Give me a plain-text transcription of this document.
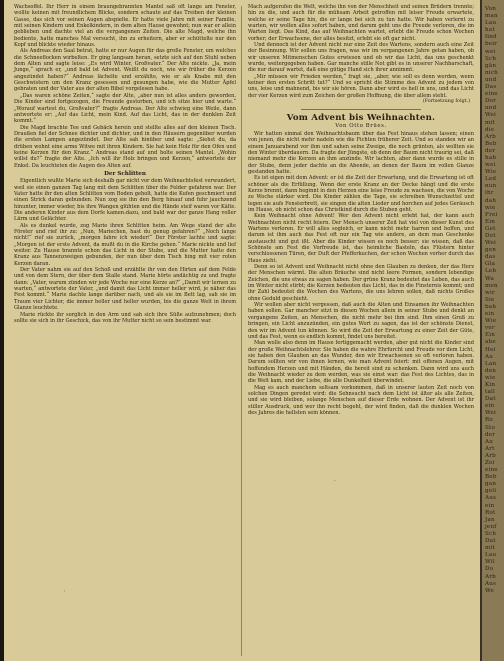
Wachsoffel. Ihr Herr in einem braungebrannten Mantel saß oft lange am Fenster, wollte keinen mit freundlichem Blicke, sondern schaute auf das Treiben der kleinen Gasse, das sich vor seinen Augen abspielte. Er hatte viele Jahre mit seiner Familie, mit seinen Kindern und Enkelkindern, in dem alten Hause gewohnt; nun war er allein geblieben und dachte viel an die vergangenen Zeiten. Die alte Magd, welche ihn bediente, hatte manches Mal versucht, ihn zu erheitern, aber er schüttelte nur den Kopf und blickte wieder hinaus.

Als Andreas den Saal betrat, hatte er nur Augen für das große Fenster, um welches die Schneeflocken wirbelten. Er ging langsam heran, setzte sich auf den Stuhl neben dem Alten und sagte leise: „Es wird Winter, Großvater.“ Der Alte nickte. „Ja, mein Junge,“ sprach er, „und bald ist Advent. Weißt du noch, wie wir früher die Kerzen angezündet haben?“ Andreas lächelte und erzählte, wie er als Knabe mit den Geschwistern um den Kranz gesessen und gesungen habe, wie die Mutter Äpfel gebraten und der Vater aus der alten Bibel vorgelesen habe.

„Das waren schöne Zeiten,“ sagte der Alte, „aber nun ist alles anders geworden. Die Kinder sind fortgezogen, die Freunde gestorben, und ich sitze hier und warte.“ „Worauf wartest du, Großvater?“ fragte Andreas. Der Alte schwieg eine Weile, dann antwortete er: „Auf das Licht, mein Kind. Auf das Licht, das in der dunklen Zeit kommt.“

Die Magd brachte Tee und Gebäck herein und stellte alles auf den kleinen Tisch. Draußen fiel der Schnee dichter und dichter, und in den Häusern gegenüber wurden die ersten Lampen angezündet. Der Alte sah hinüber und sagte: „Siehst du, da drüben wohnt eine arme Witwe mit ihren Kindern. Sie hat kein Holz für den Ofen und keine Kerzen für den Kranz.“ Andreas stand auf und holte seinen Mantel. „Wohin willst du?“ fragte der Alte. „Ich will ihr Holz bringen und Kerzen,“ antwortete der Enkel. Da leuchteten die Augen des Alten auf.

Der Schlitten

Eigentlich wußte Marie sich deshalb gar nicht vor dem Weihnachtsfest verwundert, weil sie einen ganzen Tag lang mit dem Schlitten über die Felder gefahren war. Der Vater hatte ihr den alten Schlitten vom Boden geholt, hatte die Kufen geschmiert und einen Strick daran gebunden. Nun zog sie ihn den Berg hinauf und fuhr jauchzend hinunter, immer wieder, bis ihre Wangen glühten und die Hände steif waren vor Kälte. Die anderen Kinder aus dem Dorfe kamen dazu, und bald war der ganze Hang voller Lärm und Gelächter.

Als es dunkel wurde, zog Marie ihren Schlitten heim. Am Wege stand der alte Förster und rief ihr zu: „Nun, Mariechen, hast du genug gefahren?“ „Noch lange nicht!“ rief sie zurück, „morgen fahre ich wieder!“ Der Förster lachte und sagte: „Morgen ist der erste Advent, da mußt du in die Kirche gehen.“ Marie nickte und lief weiter. Zu Hause brannte schon das Licht in der Stube, und die Mutter hatte den Kranz aus Tannenzweigen gebunden, der nun über dem Tisch hing mit vier roten Kerzen daran.

Der Vater nahm sie auf den Schoß und erzählte ihr von den Hirten auf dem Felde und von dem Stern, der über dem Stalle stand. Marie hörte andächtig zu und fragte dann: „Vater, warum zünden wir jede Woche nur eine Kerze an?“ „Damit wir lernen zu warten,“ antwortete der Vater, „und damit das Licht immer heller wird, je näher das Fest kommt.“ Marie dachte lange darüber nach, und als sie im Bett lag, sah sie im Traum vier Lichter, die immer heller und heller wurden, bis die ganze Welt in ihrem Glanze leuchtete.

Marie rückte ihr sorglich in den Arm und sah sich ihre Süße aufzunehmen; doch sollte sie sich in ihr Geschick, das von ihr Mutter nicht so sein bestimmt war.

Mach aufgerufen die Welt, welche ihn von der Menschheit und seinen Brüdern trennte; hin zu die, und auch für die mühsam Arbeit getroffen mit leiser Freude erwartete, welche er seine Tage hin, die er lange bei sich zu tun hatte. Wir haben verlernt zu warten, wir wollen alles sofort haben, und darum geht uns die Freude verloren, die im Warten liegt. Das Kind, das auf Weihnachten wartet, erlebt die Freude schon Wochen vorher; der Erwachsene, der alles besitzt, erlebt sie oft gar nicht.

Und dennoch ist der Advent nicht nur eine Zeit des Wartens, sondern auch eine Zeit der Besinnung. Wir sollen uns fragen, was wir im vergangenen Jahre getan haben, ob wir unseren Mitmenschen Gutes erwiesen und ob wir das Licht, das uns geschenkt wurde, weitergegeben haben. Gar manche stille Not gibt es in unserer Nachbarschaft, die nur darauf wartet, daß eine gütige Hand sich ihrer annimmt.

„Mir müssen wir Frieden werden,“ fragt sie, „aber, wie soll es denn werden, wenn keiner den ersten Schritt tut?“ Und so spricht die Stimme des Advent zu jedem von uns, leise und mahnend, bis wir sie hören. Dann aber wird es hell in uns, und das Licht der vier Kerzen wird zum Zeichen der großen Hoffnung, die über allem steht.

(Fortsetzung folgt.)
Vom Advent bis Weihnachten.
Von Otto Brües.

Wir hatten einmal den Weihnachtsbaum über das Fest hinaus stehen lassen; einen von jenen, die nicht mehr nadeln wie die Fichten früherer Zeit. Und so standen wir an einem Januarabend vor ihm und sahen seine Zweige, die noch grünten, als wollten sie den Winter überdauern. Da fragte der Jüngste, ob denn der Baum nicht traurig sei, daß niemand mehr die Kerzen an ihm anzünde. Wir lachten, aber dann wurde es stille in der Stube, denn jeder dachte an die Abende, an denen der Baum im vollen Glanze gestanden hatte.

Es ist eigen mit dem Advent: er ist die Zeit der Erwartung, und die Erwartung ist oft schöner als die Erfüllung. Wenn der erste Kranz an der Decke hängt und die erste Kerze brennt, dann beginnt in den Herzen eine leise Freude zu wachsen, die von Woche zu Woche stärker wird. Die Kinder zählen die Tage, sie schreiben Wunschzettel und legen sie aufs Fensterbrett, sie singen die alten Lieder und horchen auf jedes Geräusch im Hause, ob nicht schon das Christkind durch die Stuben geht.

Kein Weihnacht ohne Advent! Wer den Advent nicht erlebt hat, der kann auch Weihnachten nicht recht feiern. Der Mensch unserer Zeit hat viel von dieser Kunst des Wartens verloren. Er will alles sogleich, er kann nicht mehr harren und hoffen, und darum ist ihm auch das Fest oft nur ein Tag wie andere, an dem man Geschenke austauscht und gut ißt. Aber die Kinder wissen es noch besser; sie wissen, daß das Schönste am Fest die Vorfreude ist, das heimliche Basteln, das Flüstern hinter verschlossenen Türen, der Duft der Pfefferkuchen, der schon Wochen vorher durch das Haus zieht.

Denn so ist Advent und Weihnacht nicht ohne den Glauben zu denken, der das Herz der Menschen wärmt. Die alten Bräuche sind nicht leere Formen, sondern lebendige Zeichen, die uns etwas zu sagen haben. Der grüne Kranz bedeutet das Leben, das auch im Winter nicht stirbt; die Kerzen bedeuten das Licht, das in die Finsternis kommt; und ihr Zahl bedeutet die Wochen des Wartens, die uns lehren sollen, daß nichts Großes ohne Geduld geschieht.

Wir wollen aber nicht vergessen, daß auch die Alten und Einsamen ihr Weihnachten haben sollen. Gar mancher sitzt in diesen Wochen allein in seiner Stube und denkt an vergangene Zeiten, an Menschen, die nicht mehr bei ihm sind. Ihm einen Gruß zu bringen, ein Licht anzuzünden, ein gutes Wort zu sagen, das ist der schönste Dienst, den wir im Advent tun können. So wird die Zeit der Erwartung zu einer Zeit der Güte, und das Fest, wenn es endlich kommt, findet uns bereitet.

Man wolle also denn im Hause fertiggemacht werden, aber gut nicht die Kinder sind der große Weihnachtslehrer. Sie haben die wahre Ehrfurcht und Freude vor dem Licht, sie haben den Glauben an das Wunder, den wir Erwachsenen so oft verloren haben. Darum sollten wir von ihnen lernen, wie man Advent feiert: mit offenen Augen, mit hoffendem Herzen und mit Händen, die bereit sind zu schenken. Dann wird uns auch die Weihnacht wieder zu dem werden, was sie einst war: das Fest des Lichtes, das in die Welt kam, und der Liebe, die alle Dunkelheit überwindet.

Mag es auch manchem seltsam vorkommen, daß in unserer lauten Zeit noch von solchen Dingen geredet wird: die Sehnsucht nach dem Licht ist älter als alle Zeiten, und sie wird bleiben, solange Menschen auf dieser Erde wohnen. Der Advent ist ihr stiller Ausdruck, und wer ihn recht begeht, der wird finden, daß die dunklen Wochen des Jahres die hellsten sein können.

Von
man
Lau
hat
find
beir
wei
Sch
gän
nich
und
Das
eine
Dor
und
Wei
mit
die
Arb
Beb
der
hab
wei
Wie
Led
nun
ihr
dah
wie
Frei
Ein
Get
Dot
Wei
gen
das
Gla
Leb
Wa
men
wir
Sie
bah
ein
Wie
ver
Ein
abe
Hei
Au
Lan
den
wie
Kin
tall
Dat
ein
Wei
Ro
Sto
der
Au
Art
Arb
Zei
eine
Beb
gan
geli
Aus
ein
Rot
Jan
jenf
Sch
Dat
mit
Lau
Wil
Du
Arb
Aus
We
